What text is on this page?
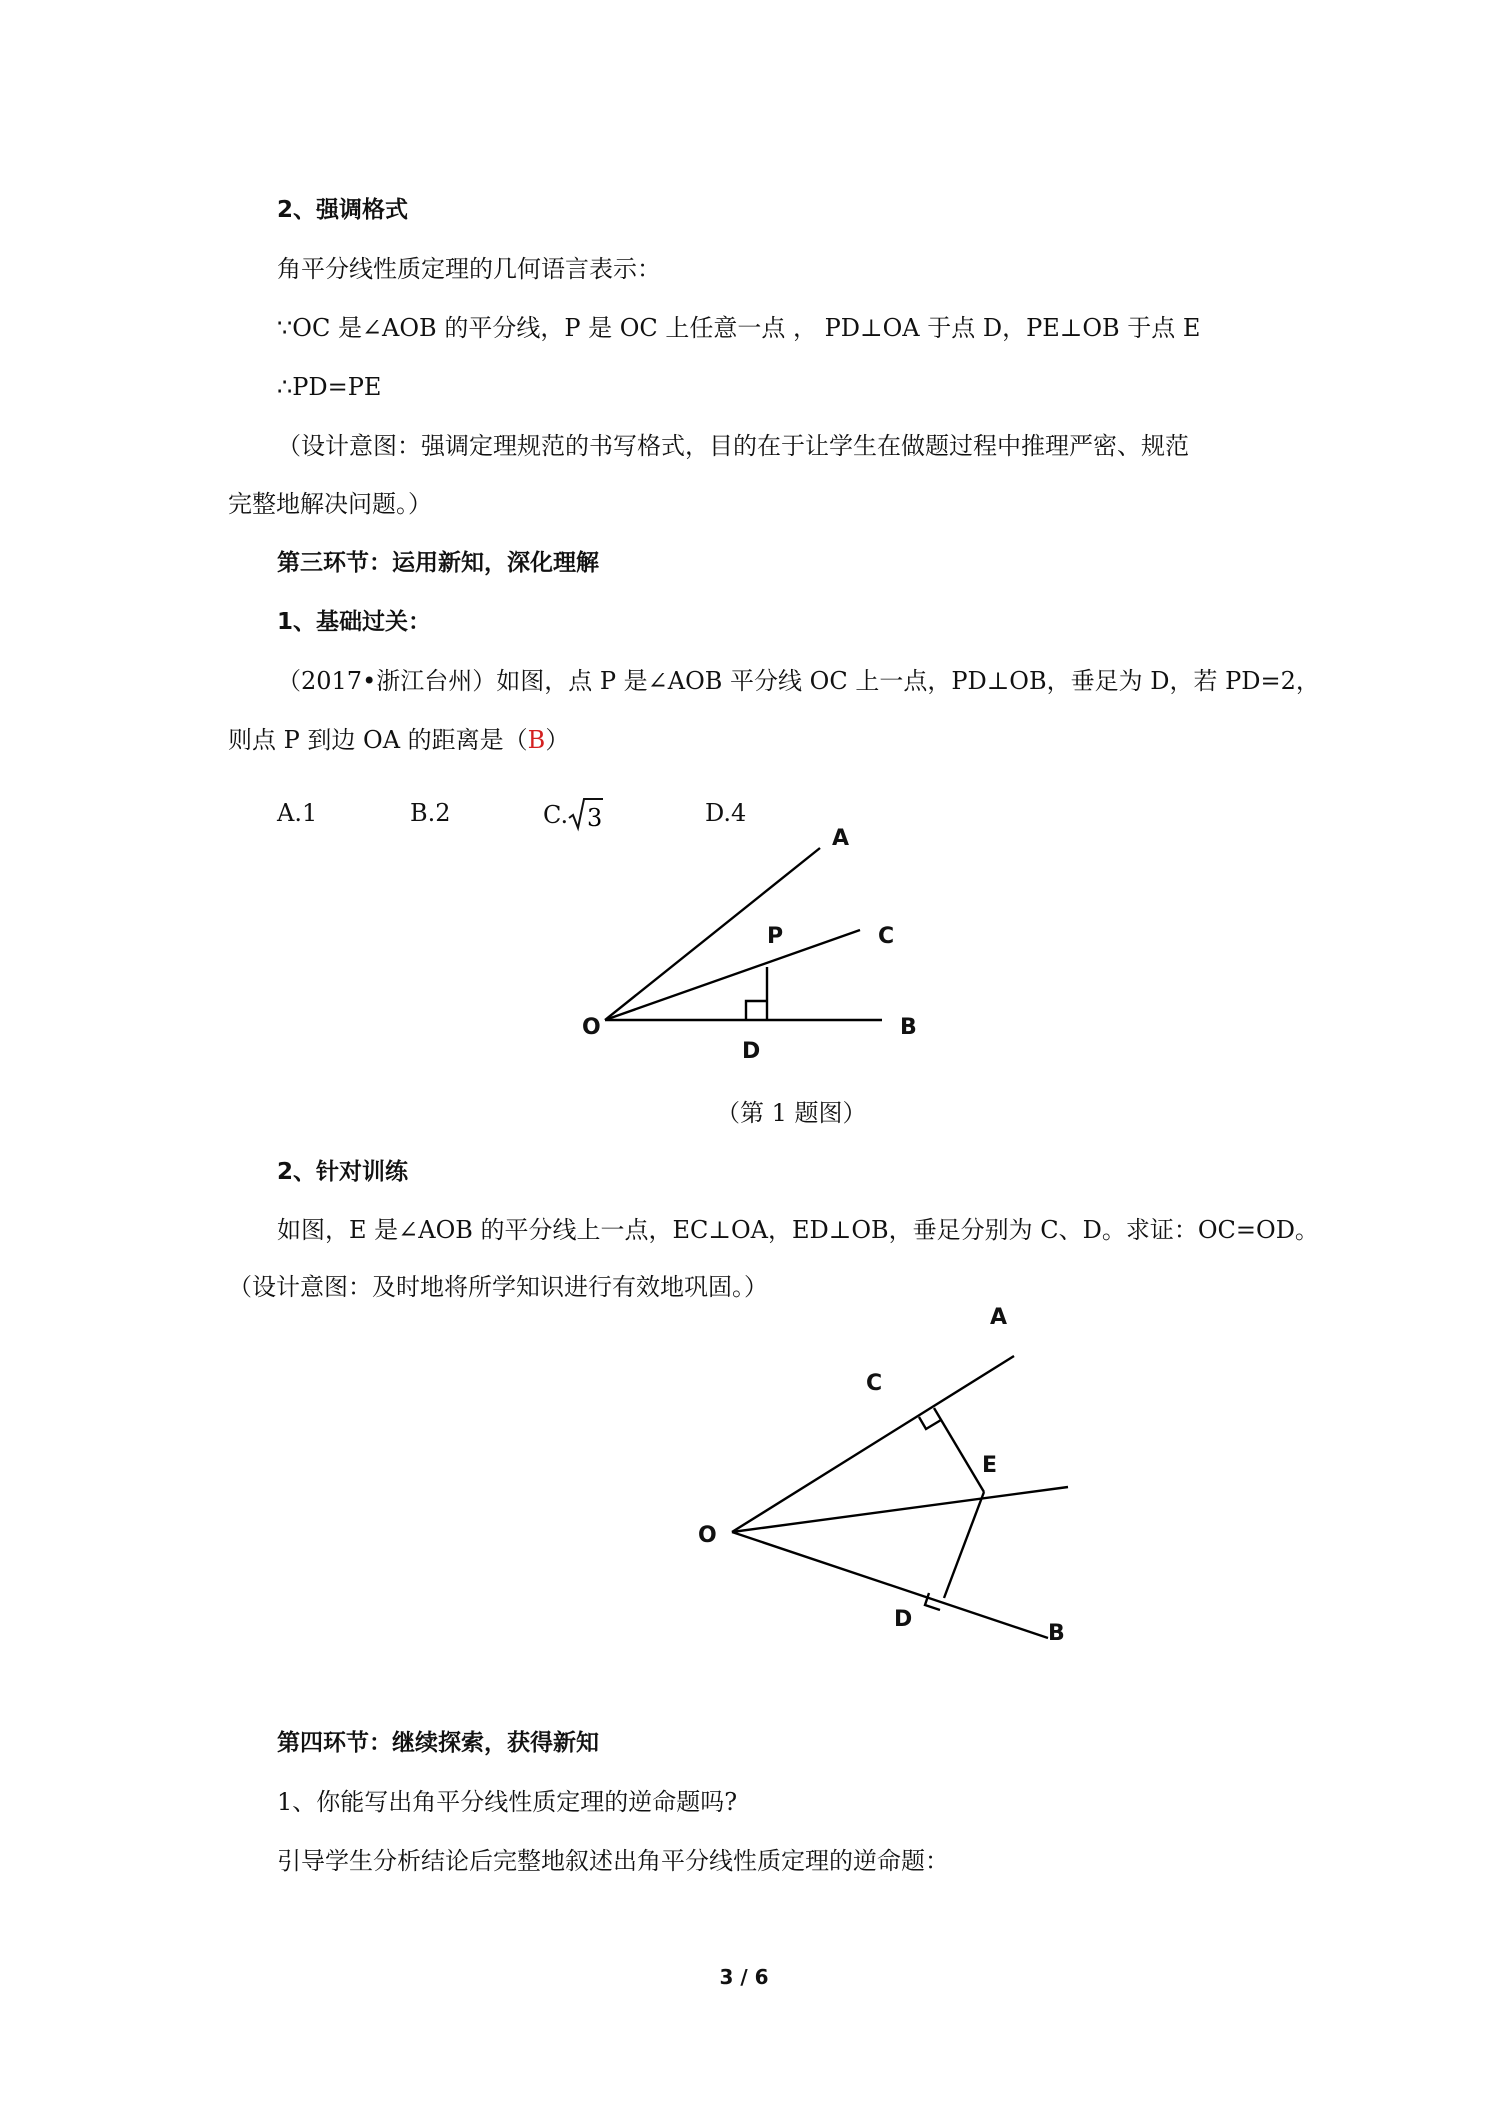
2、强调格式
角平分线性质定理的几何语言表示：
∵OC 是∠AOB 的平分线，P 是 OC 上任意一点 ， PD⊥OA 于点 D，PE⊥OB 于点 E
∴PD=PE
（设计意图：强调定理规范的书写格式，目的在于让学生在做题过程中推理严密、规范
完整地解决问题。）
第三环节：运用新知，深化理解
1、基础过关：
（2017•浙江台州）如图，点 P 是∠AOB 平分线 OC 上一点，PD⊥OB，垂足为 D，若 PD=2，
则点 P 到边 OA 的距离是（B）
A.1	B.2	C. 3	D.4
A
P	C
O
D
B
（第 1 题图）
2、针对训练
如图，E 是∠AOB 的平分线上一点，EC⊥OA，ED⊥OB，垂足分别为 C、D。求证：OC=OD。
（设计意图：及时地将所学知识进行有效地巩固。）
A
C
E
O
D
B
第四环节：继续探索，获得新知
1、你能写出角平分线性质定理的逆命题吗?
引导学生分析结论后完整地叙述出角平分线性质定理的逆命题：
3 / 6
